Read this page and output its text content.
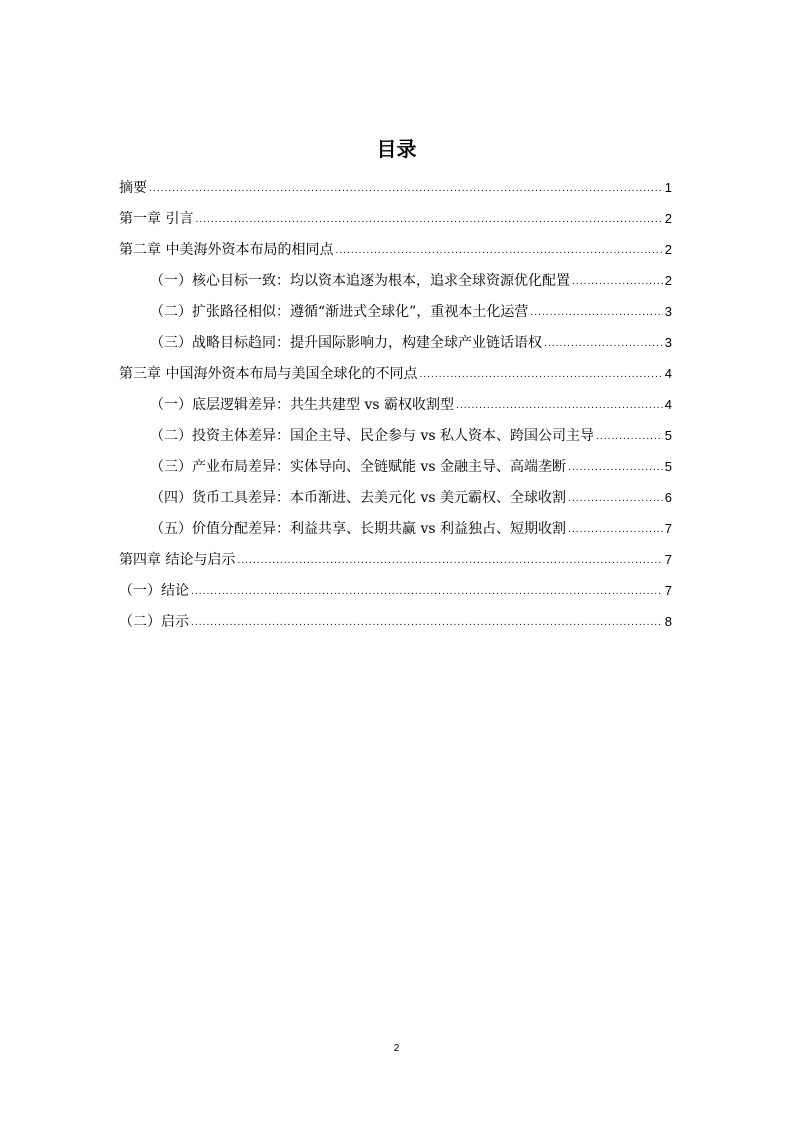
目录
摘要 .....	1
第一章 引言 .....	2
第二章 中美海外资本布局的相同点 .....	2
（一）核心目标一致：均以资本追逐为根本，追求全球资源优化配置 .....	2
（二）扩张路径相似：遵循“渐进式全球化”，重视本土化运营 .....	3
（三）战略目标趋同：提升国际影响力，构建全球产业链话语权 .....	3
第三章 中国海外资本布局与美国全球化的不同点 .....	4
（一）底层逻辑差异：共生共建型 vs 霸权收割型 .....	4
（二）投资主体差异：国企主导、民企参与 vs 私人资本、跨国公司主导 .....	5
（三）产业布局差异：实体导向、全链赋能 vs 金融主导、高端垄断 .....	5
（四）货币工具差异：本币渐进、去美元化 vs 美元霸权、全球收割 .....	6
（五）价值分配差异：利益共享、长期共赢 vs 利益独占、短期收割 .....	7
第四章 结论与启示 .....	7
（一）结论 .....	7
（二）启示 .....	8
2
